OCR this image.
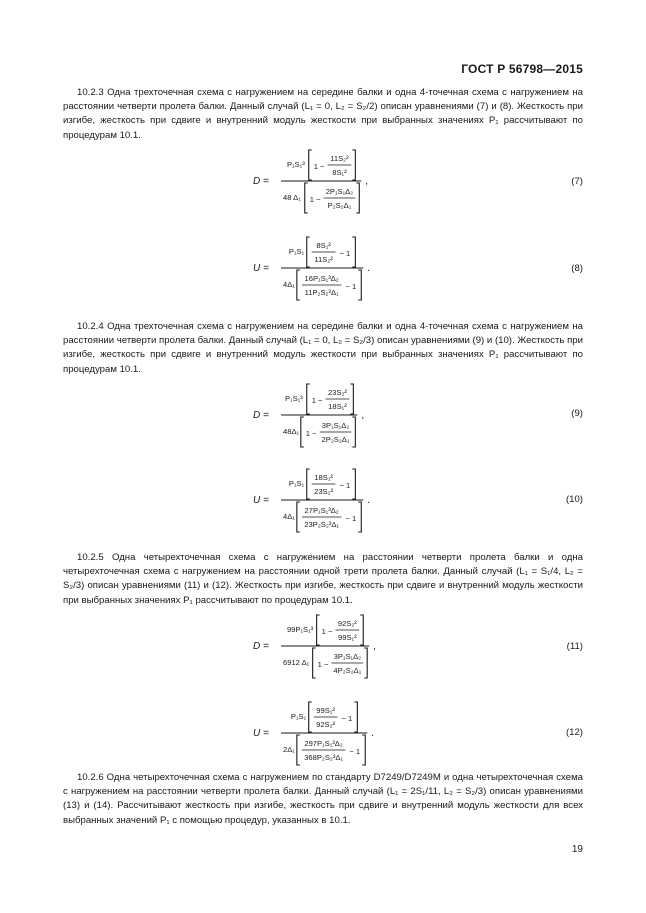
ГОСТ Р 56798—2015

10.2.3 Одна трехточечная схема с нагружением на середине балки и одна 4-точечная схема с нагружением на расстоянии четверти пролета балки. Данный случай (L₁ = 0, L₂ = S₂/2) описан уравнениями (7) и (8). Жесткость при изгибе, жесткость при сдвиге и внутренний модуль жесткости при выбранных значениях P₁ рассчитывают по процедурам 10.1.

(7)
D =
P₁S₁³ 1 −
11S₂²
8S₁²
48 Δ₁ 1 −
2P₁S₁Δ₂
P₂S₂Δ₁
,
(8)
U =
P₁S₁
8S₁²
11S₂²
− 1
4Δ₁
16P₁S₁³Δ₂
11P₂S₂³Δ₁
− 1
.

10.2.4 Одна трехточечная схема с нагружением на середине балки и одна 4-точечная схема с нагружением на расстоянии четверти пролета балки. Данный случай (L₁ = 0, L₂ = S₂/3) описан уравнениями (9) и (10). Жесткость при изгибе, жесткость при сдвиге и внутренний модуль жесткости при выбранных значениях P₁ рассчитывают по процедурам 10.1.

(9)
D =
P₁S₁³ 1 −
23S₂²
18S₁²
48Δ₁ 1 −
3P₁S₁Δ₂
2P₂S₂Δ₁
,
(10)
U =
P₁S₁
18S₁²
23S₂²
− 1
4Δ₁
27P₁S₁³Δ₂
23P₂S₂³Δ₁
− 1
.

10.2.5 Одна четырехточечная схема с нагружением на расстоянии четверти пролета балки и одна четырехточечная схема с нагружением на расстоянии одной трети пролета балки. Данный случай (L₁ = S₁/4, L₂ = S₂/3) описан уравнениями (11) и (12). Жесткость при изгибе, жесткость при сдвиге и внутренний модуль жесткости при выбранных значениях P₁ рассчитывают по процедурам 10.1.

(11)
D =
99P₁S₁³ 1 −
92S₂²
99S₁²
6912 Δ₁ 1 −
3P₁S₁Δ₂
4P₂S₂Δ₁
,
(12)
U =
P₁S₁
99S₁²
92S₂²
− 1
2Δ₁
297P₁S₁³Δ₂
368P₂S₂³Δ₁
− 1
.

10.2.6 Одна четырехточечная схема с нагружением по стандарту D7249/D7249M и одна четырехточечная схема с нагружением на расстоянии четверти пролета балки. Данный случай (L₁ = 2S₁/11, L₂ = S₂/3) описан уравнениями (13) и (14). Рассчитывают жесткость при изгибе, жесткость при сдвиге и внутренний модуль жесткости для всех выбранных значений P₁ с помощью процедур, указанных в 10.1.

19
